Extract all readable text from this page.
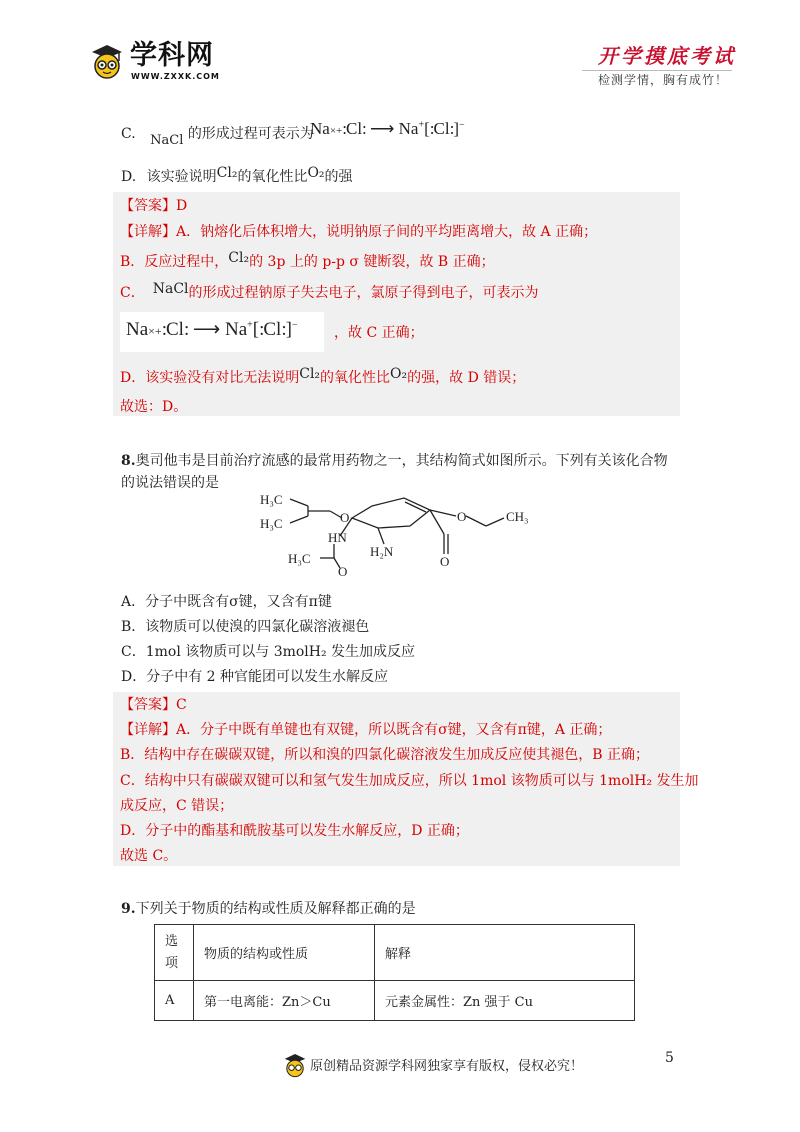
学科网
WWW.ZXXK.COM
开学摸底考试
检测学情，胸有成竹！
C. NaCl 的形成过程可表示为
Na×+:Cl: ⟶ Na+[:Cl:]−
D. 该实验说明Cl₂的氧化性比O₂的强
【答案】D
【详解】A．钠熔化后体积增大，说明钠原子间的平均距离增大，故 A 正确；
B．反应过程中，Cl₂的 3p 上的 p-p σ 键断裂，故 B 正确；
C． NaCl的形成过程钠原子失去电子，氯原子得到电子，可表示为
Na×+:Cl: ⟶ Na+[:Cl:]−	，故 C 正确；
D．该实验没有对比无法说明Cl₂的氧化性比O₂的强，故 D 错误；
故选：D。
8.奥司他韦是目前治疗流感的最常用药物之一，其结构简式如图所示。下列有关该化合物
的说法错误的是
H₃C
H₃C	O	CH₃
O
HN
H₂N
H₃C
O
O
A．分子中既含有σ键，又含有π键
B．该物质可以使溴的四氯化碳溶液褪色
C．1mol 该物质可以与 3molH₂ 发生加成反应
D．分子中有 2 种官能团可以发生水解反应
【答案】C
【详解】A．分子中既有单键也有双键，所以既含有σ键，又含有π键，A 正确；
B．结构中存在碳碳双键，所以和溴的四氯化碳溶液发生加成反应使其褪色，B 正确；
C．结构中只有碳碳双键可以和氢气发生加成反应，所以 1mol 该物质可以与 1molH₂ 发生加
成反应，C 错误；
D．分子中的酯基和酰胺基可以发生水解反应，D 正确；
故选 C。
9.下列关于物质的结构或性质及解释都正确的是
选
项	物质的结构或性质	解释
A	第一电离能：Zn＞Cu	元素金属性：Zn 强于 Cu
5
原创精品资源学科网独家享有版权，侵权必究！
